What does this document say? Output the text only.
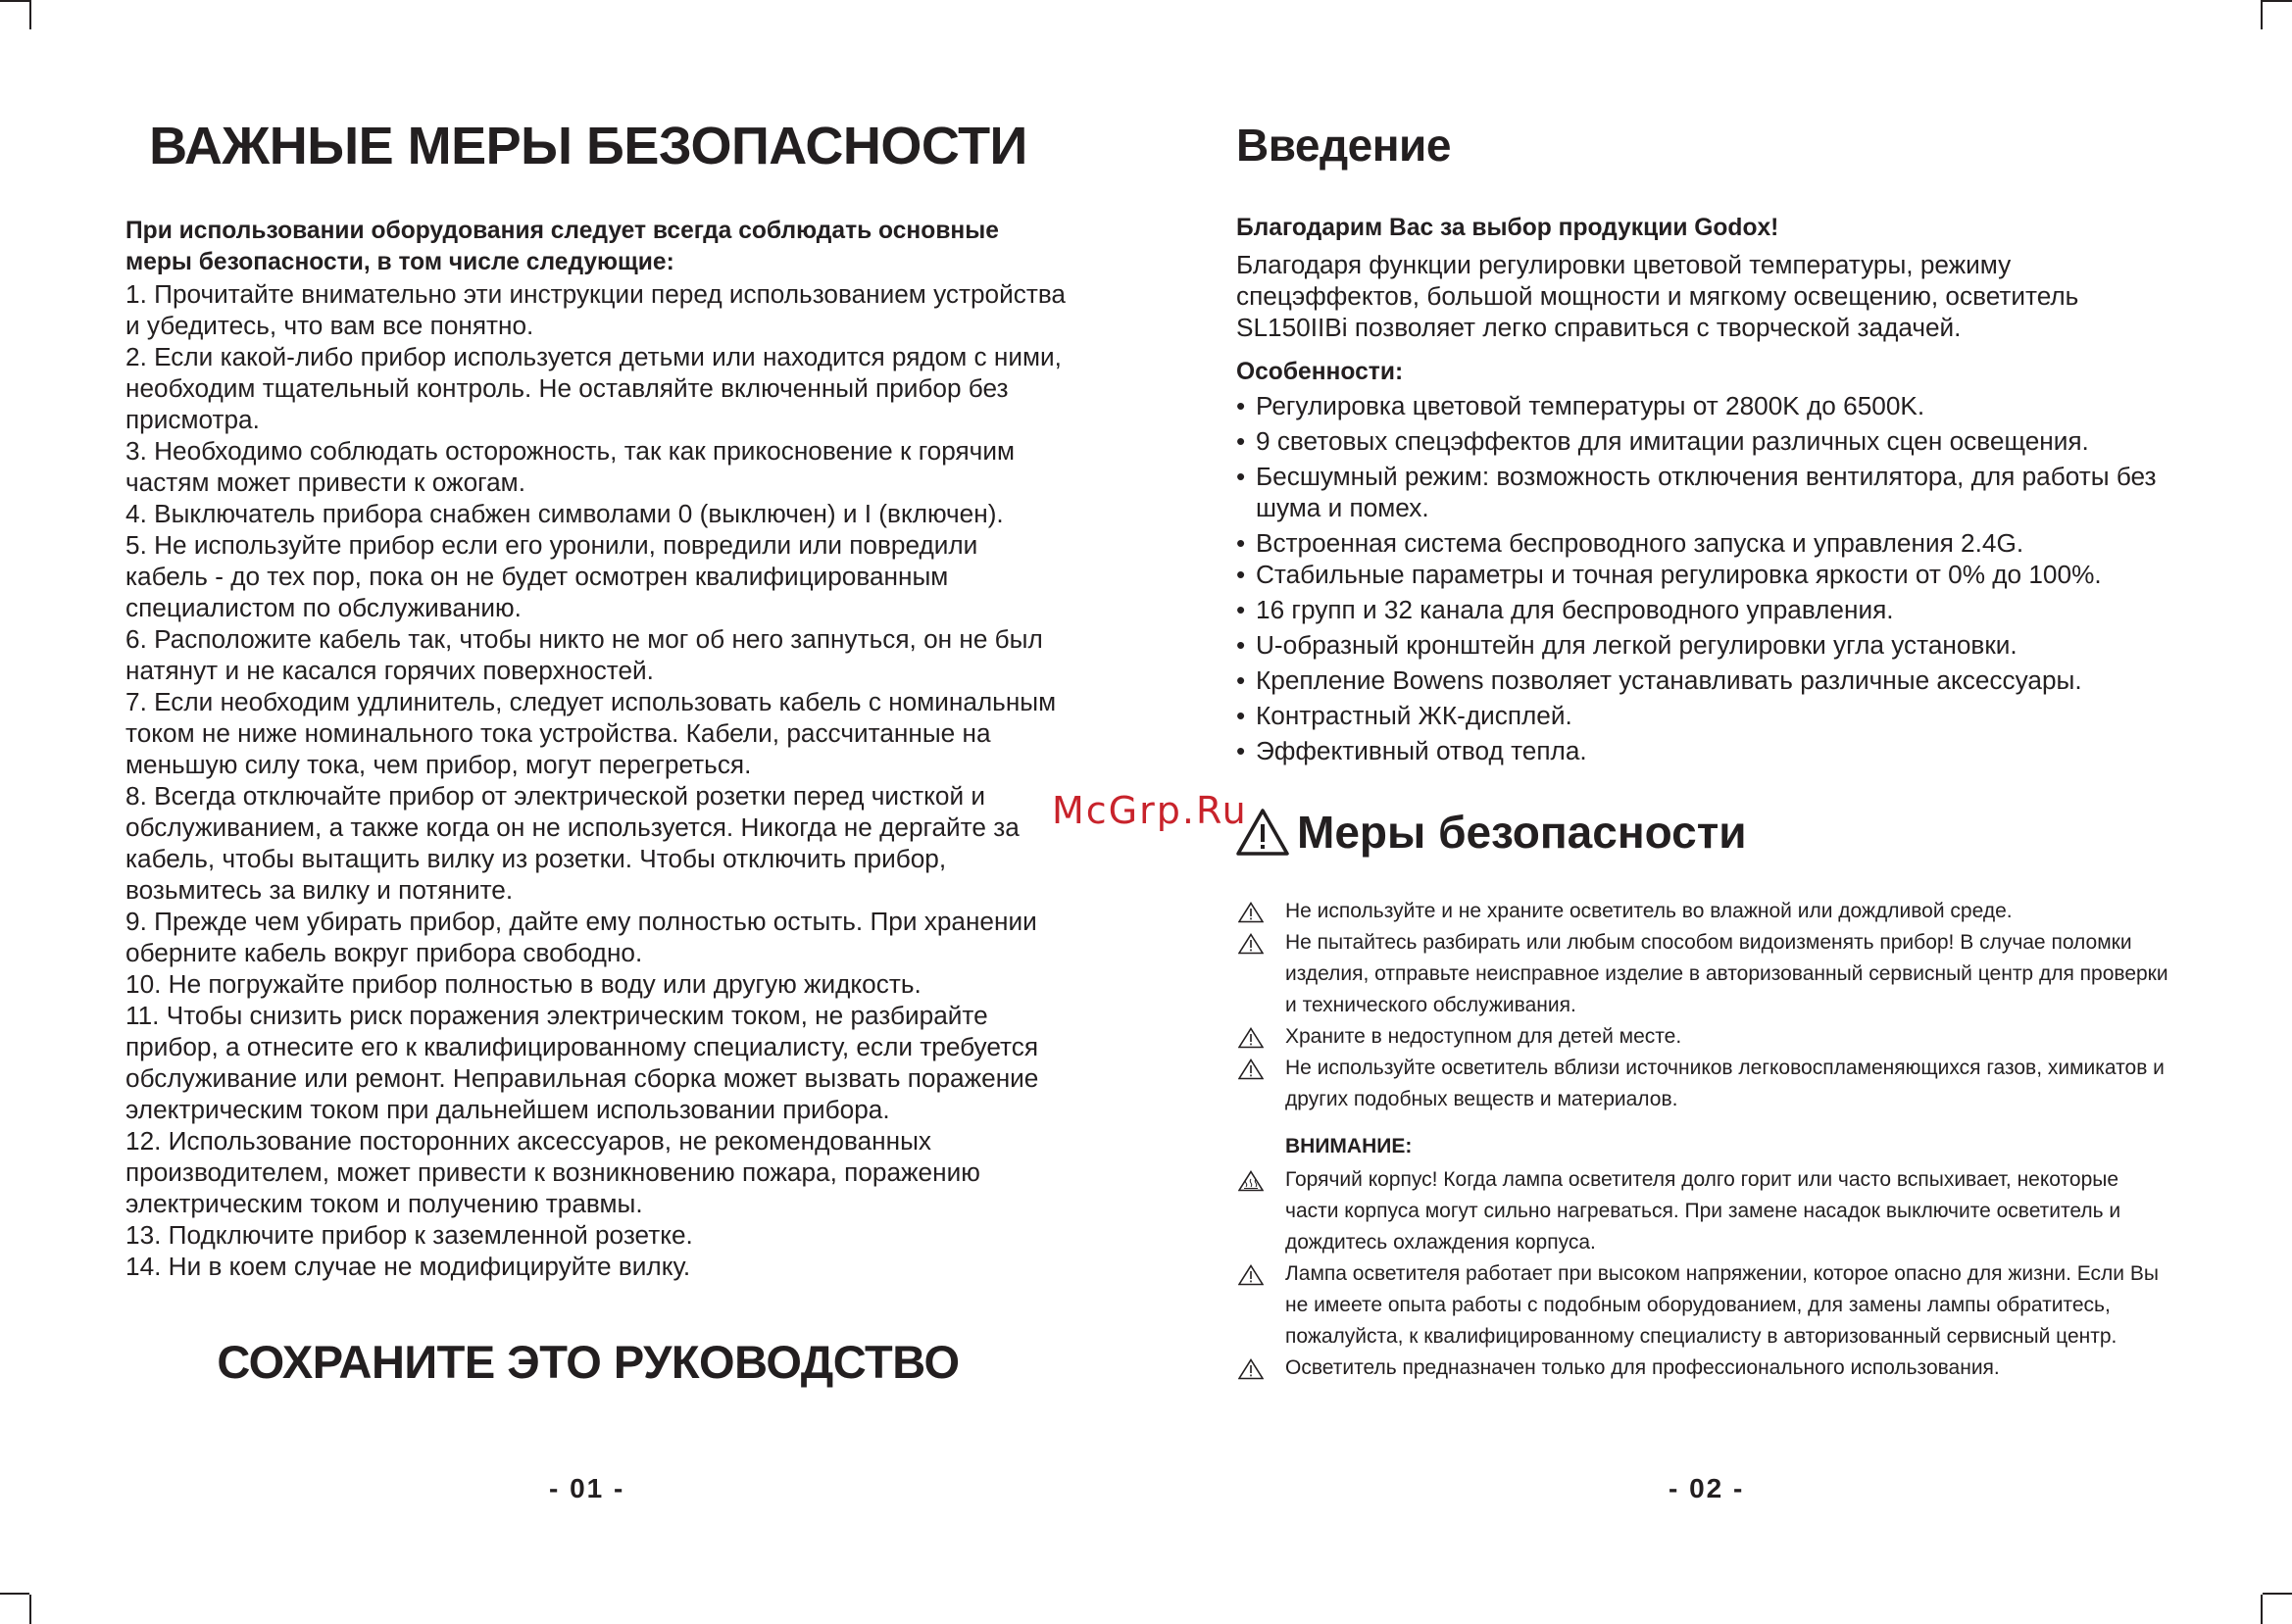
ВАЖНЫЕ МЕРЫ БЕЗОПАСНОСТИ
При использовании оборудования следует всегда соблюдать основные меры безопасности, в том числе следующие:
1. Прочитайте внимательно эти инструкции перед использованием устройства и убедитесь, что вам все понятно.
2. Если какой-либо прибор используется детьми или находится рядом с ними, необходим тщательный контроль. Не оставляйте включенный прибор без присмотра.
3. Необходимо соблюдать осторожность, так как прикосновение к горячим частям может привести к ожогам.
4. Выключатель прибора снабжен символами 0 (выключен) и I (включен).
5. Не используйте прибор если его уронили, повредили или повредили кабель - до тех пор, пока он не будет осмотрен квалифицированным специалистом по обслуживанию.
6. Расположите кабель так, чтобы никто не мог об него запнуться, он не был натянут и не касался горячих поверхностей.
7. Если необходим удлинитель, следует использовать кабель с номинальным током не ниже номинального тока устройства. Кабели, рассчитанные на меньшую силу тока, чем прибор, могут перегреться.
8. Всегда отключайте прибор от электрической розетки перед чисткой и обслуживанием, а также когда он не используется. Никогда не дергайте за кабель, чтобы вытащить вилку из розетки. Чтобы отключить прибор, возьмитесь за вилку и потяните.
9. Прежде чем убирать прибор, дайте ему полностью остыть. При хранении оберните кабель вокруг прибора свободно.
10. Не погружайте прибор полностью в воду или другую жидкость.
11. Чтобы снизить риск поражения электрическим током, не разбирайте прибор, а отнесите его к квалифицированному специалисту, если требуется обслуживание или ремонт. Неправильная сборка может вызвать поражение электрическим током при дальнейшем использовании прибора.
12. Использование посторонних аксессуаров, не рекомендованных производителем, может привести к возникновению пожара, поражению электрическим током и получению травмы.
13. Подключите прибор к заземленной розетке.
14. Ни в коем случае не модифицируйте вилку.
СОХРАНИТЕ ЭТО РУКОВОДСТВО
- 01 -
Введение
Благодарим Вас за выбор продукции Godox!
Благодаря функции регулировки цветовой температуры, режиму спецэффектов, большой мощности и мягкому освещению, осветитель SL150IIBi позволяет легко справиться с творческой задачей.
Особенности:
• Регулировка цветовой температуры от 2800K до 6500K.
• 9 световых спецэффектов для имитации различных сцен освещения.
• Бесшумный режим: возможность отключения вентилятора, для работы без шума и помех.
• Встроенная система беспроводного запуска и управления 2.4G.
• Стабильные параметры и точная регулировка яркости от 0% до 100%.
• 16 групп и 32 канала для беспроводного управления.
• U-образный кронштейн для легкой регулировки угла установки.
• Крепление Bowens позволяет устанавливать различные аксессуары.
• Контрастный ЖК-дисплей.
• Эффективный отвод тепла.
Меры безопасности
Не используйте и не храните осветитель во влажной или дождливой среде.
Не пытайтесь разбирать или любым способом видоизменять прибор! В случае поломки изделия, отправьте неисправное изделие в авторизованный сервисный центр для проверки и технического обслуживания.
Храните в недоступном для детей месте.
Не используйте осветитель вблизи источников легковоспламеняющихся газов, химикатов и других подобных веществ и материалов.
ВНИМАНИЕ:
Горячий корпус! Когда лампа осветителя долго горит или часто вспыхивает, некоторые части корпуса могут сильно нагреваться. При замене насадок выключите осветитель и дождитесь охлаждения корпуса.
Лампа осветителя работает при высоком напряжении, которое опасно для жизни. Если Вы не имеете опыта работы с подобным оборудованием, для замены лампы обратитесь, пожалуйста, к квалифицированному специалисту в авторизованный сервисный центр.
Осветитель предназначен только для профессионального использования.
- 02 -
McGrp.Ru
